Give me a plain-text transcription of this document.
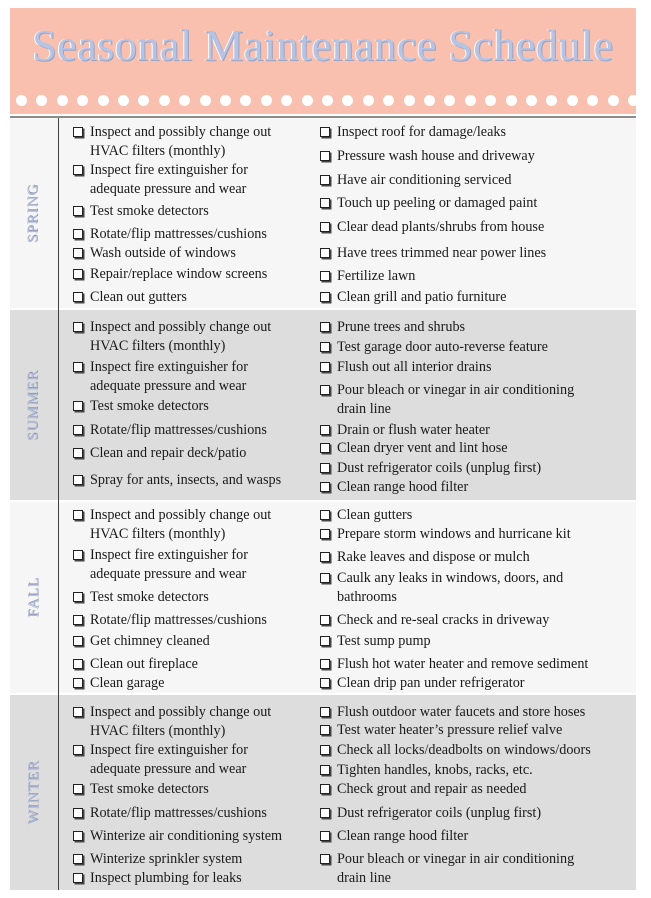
Seasonal Maintenance Schedule
SPRING
Inspect and possibly change out
HVAC filters (monthly)
Inspect fire extinguisher for
adequate pressure and wear
Test smoke detectors
Rotate/flip mattresses/cushions
Wash outside of windows
Repair/replace window screens
Clean out gutters
Inspect roof for damage/leaks
Pressure wash house and driveway
Have air conditioning serviced
Touch up peeling or damaged paint
Clear dead plants/shrubs from house
Have trees trimmed near power lines
Fertilize lawn
Clean grill and patio furniture
SUMMER
Inspect and possibly change out
HVAC filters (monthly)
Inspect fire extinguisher for
adequate pressure and wear
Test smoke detectors
Rotate/flip mattresses/cushions
Clean and repair deck/patio
Spray for ants, insects, and wasps
Prune trees and shrubs
Test garage door auto-reverse feature
Flush out all interior drains
Pour bleach or vinegar in air conditioning
drain line
Drain or flush water heater
Clean dryer vent and lint hose
Dust refrigerator coils (unplug first)
Clean range hood filter
FALL
Inspect and possibly change out
HVAC filters (monthly)
Inspect fire extinguisher for
adequate pressure and wear
Test smoke detectors
Rotate/flip mattresses/cushions
Get chimney cleaned
Clean out fireplace
Clean garage
Clean gutters
Prepare storm windows and hurricane kit
Rake leaves and dispose or mulch
Caulk any leaks in windows, doors, and
bathrooms
Check and re-seal cracks in driveway
Test sump pump
Flush hot water heater and remove sediment
Clean drip pan under refrigerator
WINTER
Inspect and possibly change out
HVAC filters (monthly)
Inspect fire extinguisher for
adequate pressure and wear
Test smoke detectors
Rotate/flip mattresses/cushions
Winterize air conditioning system
Winterize sprinkler system
Inspect plumbing for leaks
Flush outdoor water faucets and store hoses
Test water heater’s pressure relief valve
Check all locks/deadbolts on windows/doors
Tighten handles, knobs, racks, etc.
Check grout and repair as needed
Dust refrigerator coils (unplug first)
Clean range hood filter
Pour bleach or vinegar in air conditioning
drain line
